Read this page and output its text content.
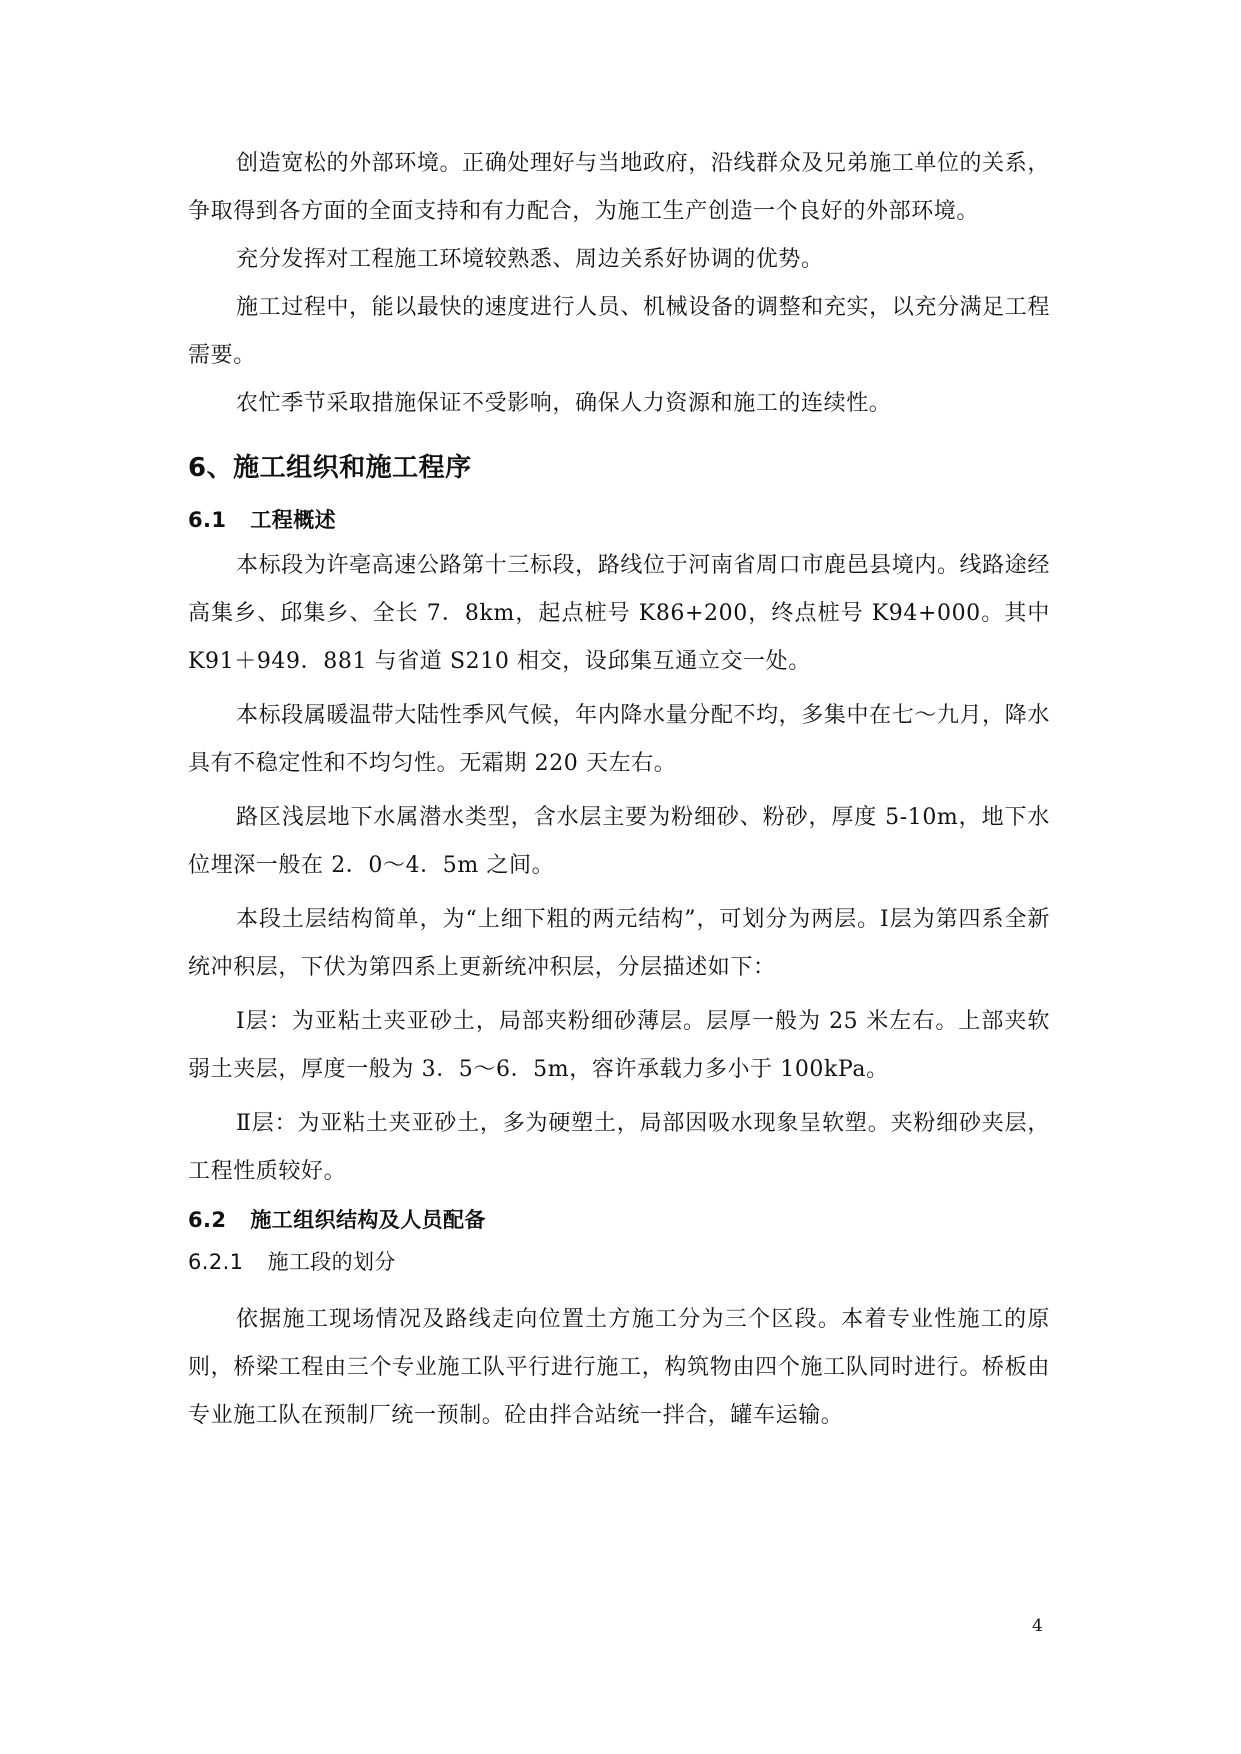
创造宽松的外部环境。正确处理好与当地政府，沿线群众及兄弟施工单位的关系，争取得到各方面的全面支持和有力配合，为施工生产创造一个良好的外部环境。

充分发挥对工程施工环境较熟悉、周边关系好协调的优势。

施工过程中，能以最快的速度进行人员、机械设备的调整和充实，以充分满足工程需要。

农忙季节采取措施保证不受影响，确保人力资源和施工的连续性。

6、施工组织和施工程序
6.1 工程概述

本标段为许亳高速公路第十三标段，路线位于河南省周口市鹿邑县境内。线路途经高集乡、邱集乡、全长 7．8km，起点桩号 K86+200，终点桩号 K94+000。其中 K91＋949．881 与省道 S210 相交，设邱集互通立交一处。

本标段属暖温带大陆性季风气候，年内降水量分配不均，多集中在七～九月，降水具有不稳定性和不均匀性。无霜期 220 天左右。

路区浅层地下水属潜水类型，含水层主要为粉细砂、粉砂，厚度 5-10m，地下水位埋深一般在 2．0～4．5m 之间。

本段土层结构简单，为“上细下粗的两元结构”，可划分为两层。Ⅰ层为第四系全新统冲积层，下伏为第四系上更新统冲积层，分层描述如下：

Ⅰ层：为亚粘土夹亚砂土，局部夹粉细砂薄层。层厚一般为 25 米左右。上部夹软弱土夹层，厚度一般为 3．5～6．5m，容许承载力多小于 100kPa。

Ⅱ层：为亚粘土夹亚砂土，多为硬塑土，局部因吸水现象呈软塑。夹粉细砂夹层，工程性质较好。

6.2 施工组织结构及人员配备
6.2.1 施工段的划分

依据施工现场情况及路线走向位置土方施工分为三个区段。本着专业性施工的原则，桥梁工程由三个专业施工队平行进行施工，构筑物由四个施工队同时进行。桥板由专业施工队在预制厂统一预制。砼由拌合站统一拌合，罐车运输。

4
